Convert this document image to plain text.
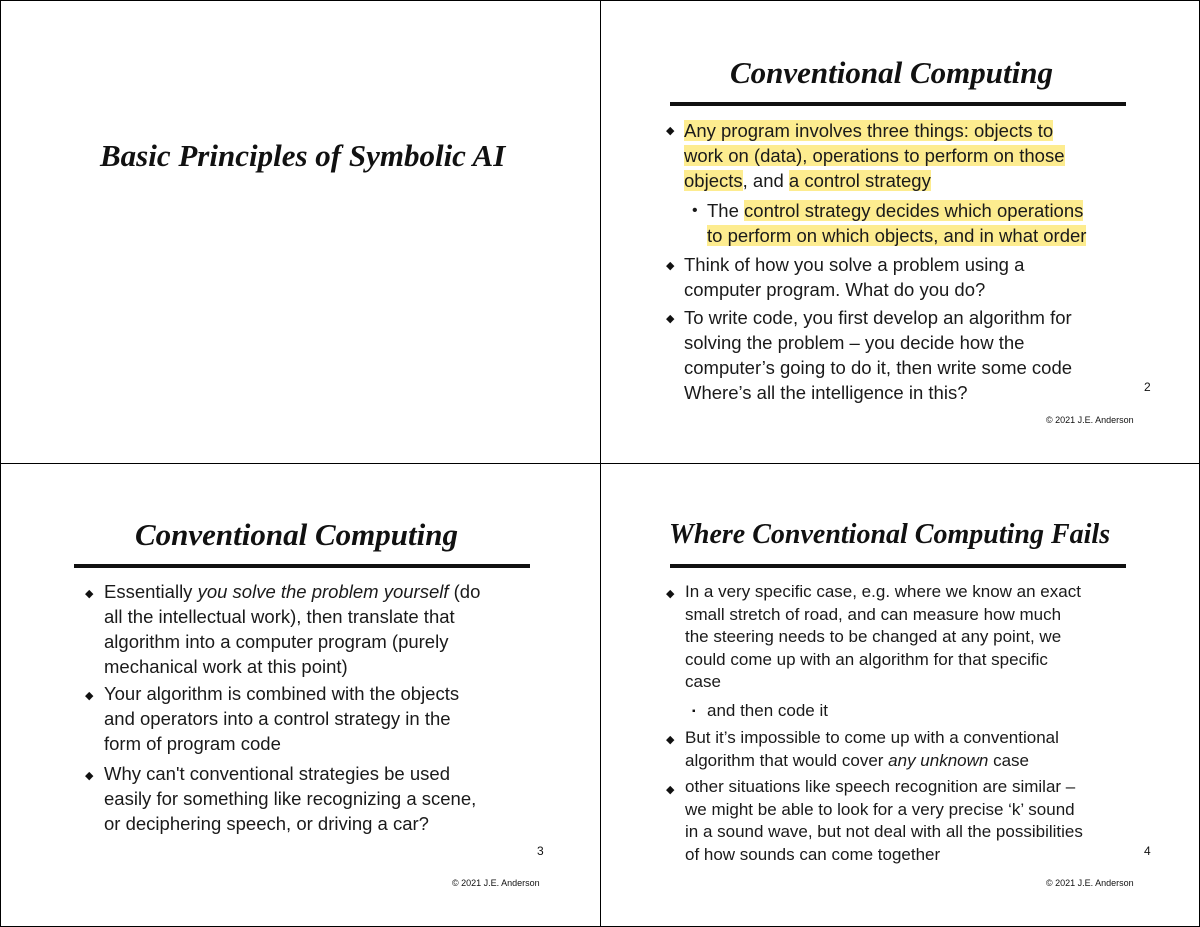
Basic Principles of Symbolic AI
Conventional Computing
◆ Any program involves three things: objects to
work on (data), operations to perform on those
objects, and a control strategy
• The control strategy decides which operations
to perform on which objects, and in what order
◆ Think of how you solve a problem using a
computer program. What do you do?
◆ To write code, you first develop an algorithm for
solving the problem – you decide how the
computer’s going to do it, then write some code
Where’s all the intelligence in this?	2
© 2021 J.E. Anderson
Conventional Computing
◆ Essentially you solve the problem yourself (do
all the intellectual work), then translate that
algorithm into a computer program (purely
mechanical work at this point)
◆ Your algorithm is combined with the objects
and operators into a control strategy in the
form of program code
◆ Why can't conventional strategies be used
easily for something like recognizing a scene,
or deciphering speech, or driving a car?
3
© 2021 J.E. Anderson
Where Conventional Computing Fails
◆ In a very specific case, e.g. where we know an exact
small stretch of road, and can measure how much
the steering needs to be changed at any point, we
could come up with an algorithm for that specific
case
▪ and then code it
◆ But it’s impossible to come up with a conventional
algorithm that would cover any unknown case
◆ other situations like speech recognition are similar –
we might be able to look for a very precise ‘k’ sound
in a sound wave, but not deal with all the possibilities
of how sounds can come together	4
© 2021 J.E. Anderson
